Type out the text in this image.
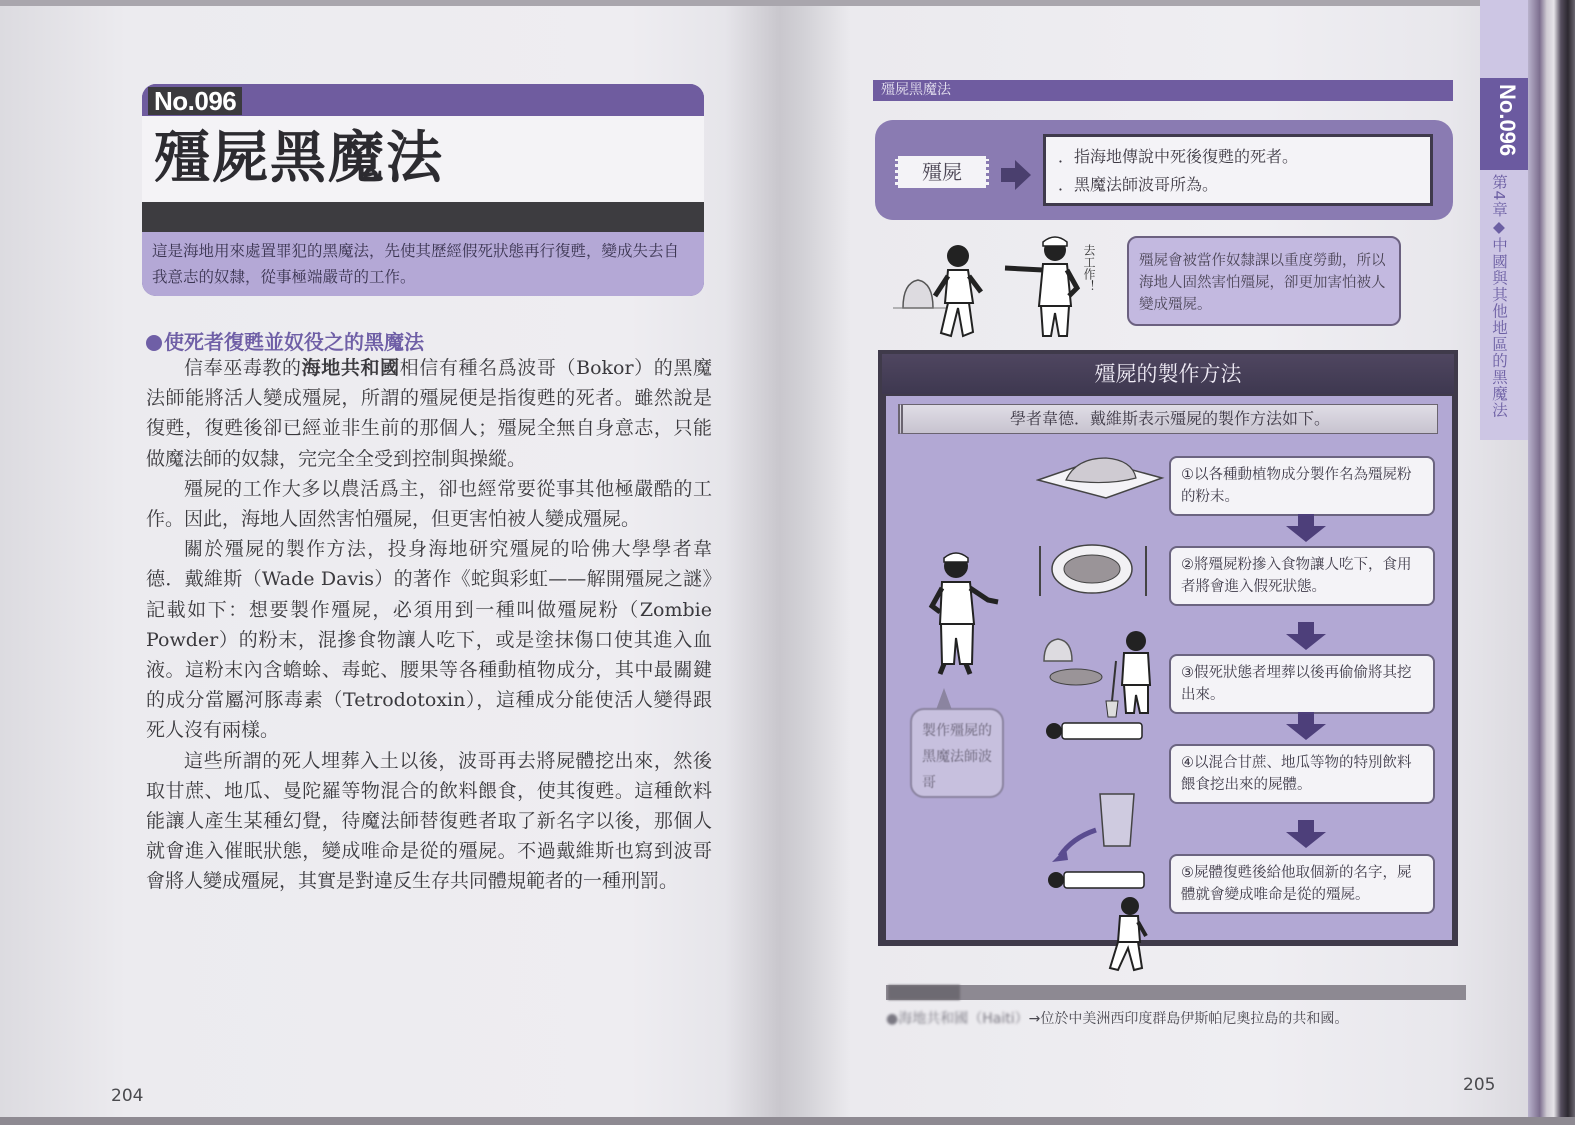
No.096
殭屍黑魔法
這是海地用來處置罪犯的黑魔法，先使其歷經假死狀態再行復甦，變成失去自我意志的奴隸，從事極端嚴苛的工作。
使死者復甦並奴役之的黑魔法

信奉巫毒教的海地共和國相信有種名爲波哥（Bokor）的黑魔法師能將活人變成殭屍，所謂的殭屍便是指復甦的死者。雖然說是復甦，復甦後卻已經並非生前的那個人；殭屍全無自身意志，只能做魔法師的奴隸，完完全全受到控制與操縱。

殭屍的工作大多以農活爲主，卻也經常要從事其他極嚴酷的工作。因此，海地人固然害怕殭屍，但更害怕被人變成殭屍。

關於殭屍的製作方法，投身海地研究殭屍的哈佛大學學者韋德．戴維斯（Wade Davis）的著作《蛇與彩虹——解開殭屍之謎》記載如下：想要製作殭屍，必須用到一種叫做殭屍粉（Zombie Powder）的粉末，混摻食物讓人吃下，或是塗抹傷口使其進入血液。這粉末內含蟾蜍、毒蛇、腰果等各種動植物成分，其中最關鍵的成分當屬河豚毒素（Tetrodotoxin），這種成分能使活人變得跟死人沒有兩樣。

這些所謂的死人埋葬入土以後，波哥再去將屍體挖出來，然後取甘蔗、地瓜、曼陀羅等物混合的飲料餵食，使其復甦。這種飲料能讓人產生某種幻覺，待魔法師替復甦者取了新名字以後，那個人就會進入催眠狀態，變成唯命是從的殭屍。不過戴維斯也寫到波哥會將人變成殭屍，其實是對違反生存共同體規範者的一種刑罰。

204
殭屍黑魔法
殭屍
．指海地傳說中死後復甦的死者。
．黑魔法師波哥所為。
去工作！	殭屍會被當作奴隸課以重度勞動，所以海地人固然害怕殭屍，卻更加害怕被人變成殭屍。
殭屍的製作方法
學者韋德．戴維斯表示殭屍的製作方法如下。
製作殭屍的黑魔法師波哥
①以各種動植物成分製作名為殭屍粉的粉末。
②將殭屍粉摻入食物讓人吃下，食用者將會進入假死狀態。
③假死狀態者埋葬以後再偷偷將其挖出來。
④以混合甘蔗、地瓜等物的特別飲料餵食挖出來的屍體。
⑤屍體復甦後給他取個新的名字，屍體就會變成唯命是從的殭屍。
●海地共和國（Haiti）→位於中美洲西印度群島伊斯帕尼奧拉島的共和國。
No.096
第4章◆中國與其他地區的黑魔法
205
